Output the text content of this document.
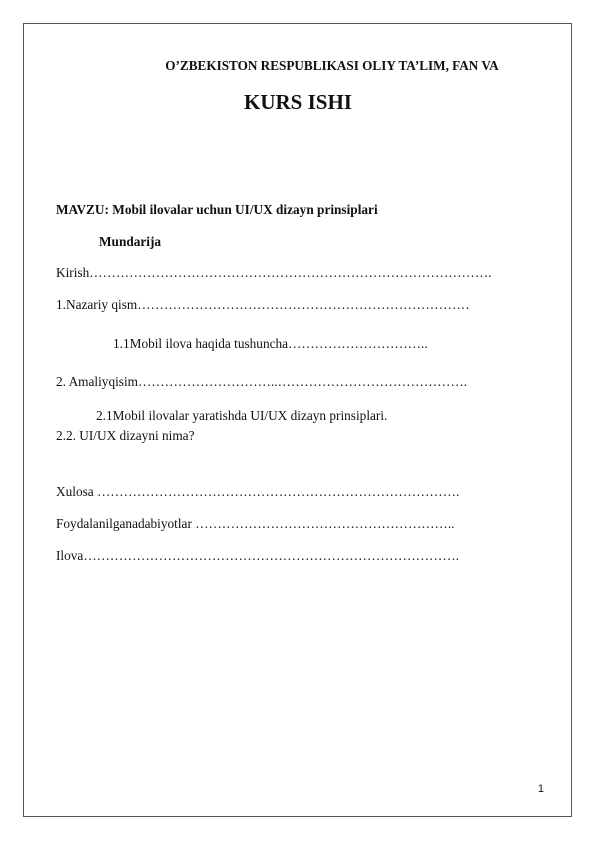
O’ZBEKISTON RESPUBLIKASI OLIY TA’LIM, FAN VA
KURS ISHI
MAVZU: Mobil ilovalar uchun UI/UX dizayn prinsiplari
Mundarija
Kirish……………………………………………………………………………….
1.Nazariy qism…………………………………………………………………
1.1Mobil ilova haqida tushuncha…………………………..
2. Amaliyqisim…………………………..…………………………………….
2.1Mobil ilovalar yaratishda UI/UX dizayn prinsiplari.
2.2. UI/UX dizayni nima?
Xulosa ……………………………………………………………………….
Foydalanilganadabiyotlar …………………………………………………..
Ilova………………………………………………………………………….
1
